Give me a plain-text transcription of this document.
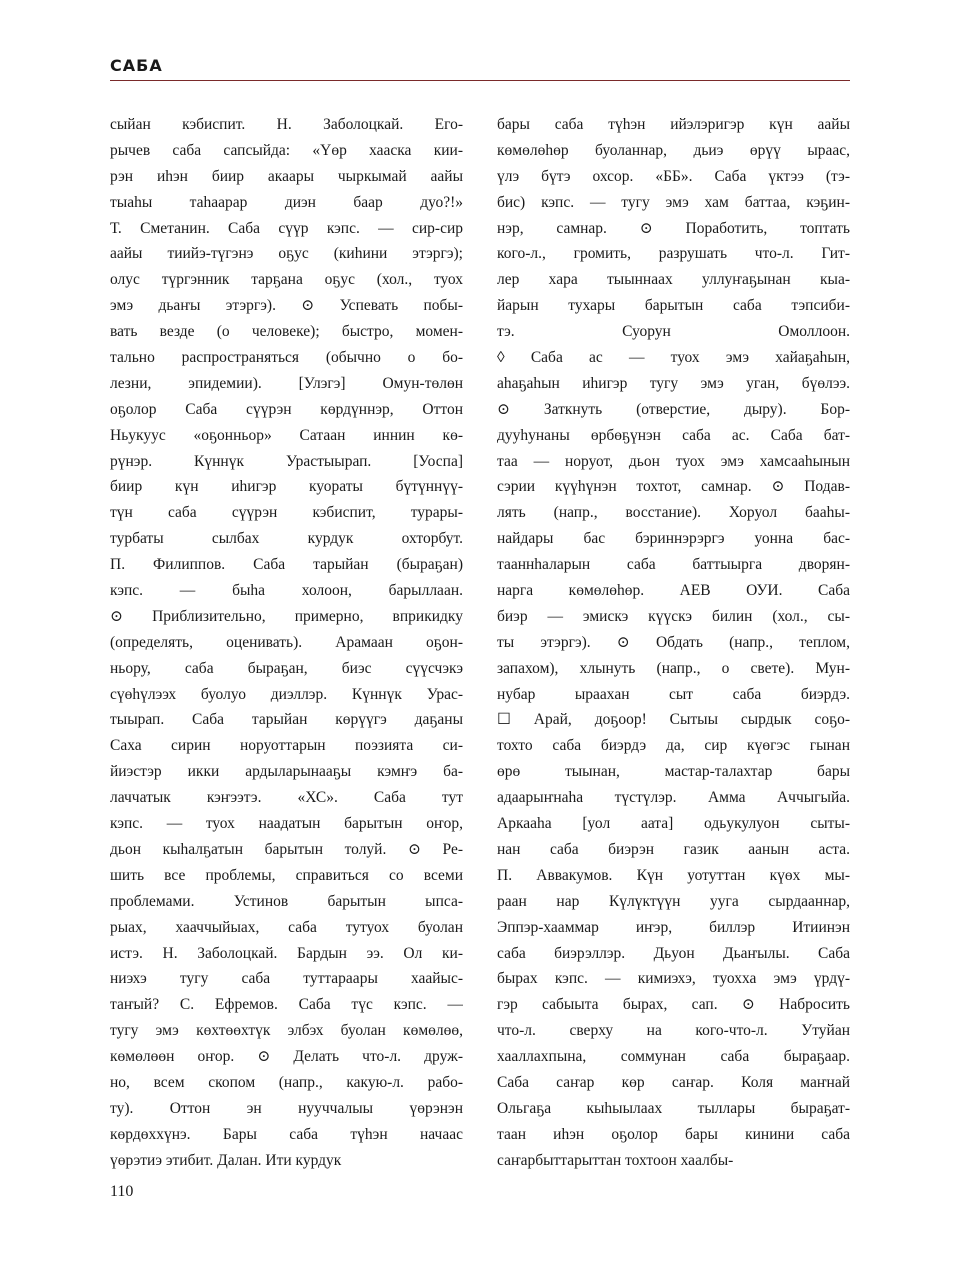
САБА
сыйан кэбиспит. Н. Заболоцкай. Его-
рычев саба сапсыйда: «Үөр хааска кии-
рэн иhэн биир акаары чыркымай аайы
тыаhы таhаарар диэн баар дуо?!»
Т. Сметанин. Саба сүүр кэпс. — сир-сир
аайы тиийэ-түгэнэ оҕус (киhини этэргэ);
олус түргэнник тарҕана оҕус (хол., туох
эмэ дьаҥы этэргэ). ⊙ Успевать побы-
вать везде (о человеке); быстро, момен-
тально распространяться (обычно о бо-
лезни, эпидемии). [Улэгэ] Омун-төлөн
оҕолор Саба сүүрэн көрдүннэр, Оттон
Ньукуус «оҕонньор» Сатаан иннин кө-
рүнэр. Күннүк Урастыырап. [Уоспа]
биир күн иhигэр куораты бүтүннүү-
түн саба сүүрэн кэбиспит, турары-
турбаты сылбах курдук охторбут.
П. Филиппов. Саба тарыйан (быраҕан)
кэпс. — быhа холоон, барыллаан.
⊙ Приблизительно, примерно, вприкидку
(определять, оценивать). Арамаан оҕон-
ньору, саба быраҕан, биэс сүүсчэкэ
сүөhүлээх буолуо диэллэр. Күннүк Урас-
тыырап. Саба тарыйан көрүүгэ даҕаны
Саха сирин норуоттарын поэзията си-
йиэстэр икки ардыларынааҕы кэмҥэ ба-
лаччатык кэҥээтэ. «ХС». Саба тут
кэпс. — туох наадатын барытын оҥор,
дьон кыhалҕатын барытын толуй. ⊙ Ре-
шить все проблемы, справиться со всеми
проблемами. Устинов барытын ыпса-
рыах, хааччыйыах, саба тутуох буолан
истэ. Н. Заболоцкай. Бардын ээ. Ол ки-
ниэхэ тугу саба туттараары хаайыс-
таҥый? С. Ефремов. Саба түс кэпс. —
тугу эмэ көхтөөхтүк элбэх буолан көмөлөө,
көмөлөөн оҥор. ⊙ Делать что-л. друж-
но, всем скопом (напр., какую-л. рабо-
ту). Оттон эн нууччалыы үөрэнэн
көрдөххүнэ. Бары саба түhэн начаас
үөрэтиэ этибит. Далан. Ити курдук
бары саба түhэн ийэлэригэр күн аайы
көмөлөhөр буоланнар, дьиэ өрүү ыраас,
үлэ бүтэ охсор. «ББ». Саба үктээ (тэ-
бис) кэпс. — тугу эмэ хам баттаа, кэҕин-
нэр, самнар. ⊙ Поработить, топтать
кого-л., громить, разрушать что-л. Гит-
лер хара тыыннаах уллуҥаҕынан кыа-
йарын тухары барытын саба тэпсиби-
тэ. Суорун Омоллоон.
◊ Саба ас — туох эмэ хайаҕаhын,
аhаҕаhын иhигэр тугу эмэ уган, бүөлээ.
⊙ Заткнуть (отверстие, дыру). Бор-
дууhунаны өрбөҕүнэн саба ас. Саба бат-
таа — норуот, дьон туох эмэ хамсааhынын
сэрии күүhүнэн тохтот, самнар. ⊙ Подав-
лять (напр., восстание). Хоруол бааhы-
найдары бас бэриннэрэргэ уонна бас-
тааннhаларын саба баттыырга дворян-
нарга көмөлөhөр. АЕВ ОУИ. Саба
биэр — эмискэ күүскэ билин (хол., сы-
ты этэргэ). ⊙ Обдать (напр., теплом,
запахом), хлынуть (напр., о свете). Мун-
нубар ыраахан сыт саба биэрдэ.
☐ Арай, доҕоор! Сытыы сырдык соҕо-
тохто саба биэрдэ да, сир күөгэс гынан
өрө тыынан, мастар-талахтар бары
адаарыҥнаhа түстүлэр. Амма Аччыгыйа.
Аркааhа [уол аата] одьукулуон сыты-
нан саба биэрэн газик аанын аста.
П. Аввакумов. Күн уотуттан күөх мы-
раан нар Күлүктүүн ууга сырдааннар,
Эппэр-хааммар иҥэр, биллэр Итиинэн
саба биэрэллэр. Дьуон Дьаҥылы. Саба
бырах кэпс. — кимиэхэ, туохха эмэ үрдү-
гэр сабыыта бырах, сап. ⊙ Набросить
что-л. сверху на кого-что-л. Утуйан
хааллахпына, соммунан саба быраҕаар.
Саба саҥар көр саҥар. Коля маҥнай
Ольгаҕа кыhыылаах тыллары быраҕат-
таан иhэн оҕолор бары кинини саба
саҥарбыттарыттан тохтоон хаалбы-
110
